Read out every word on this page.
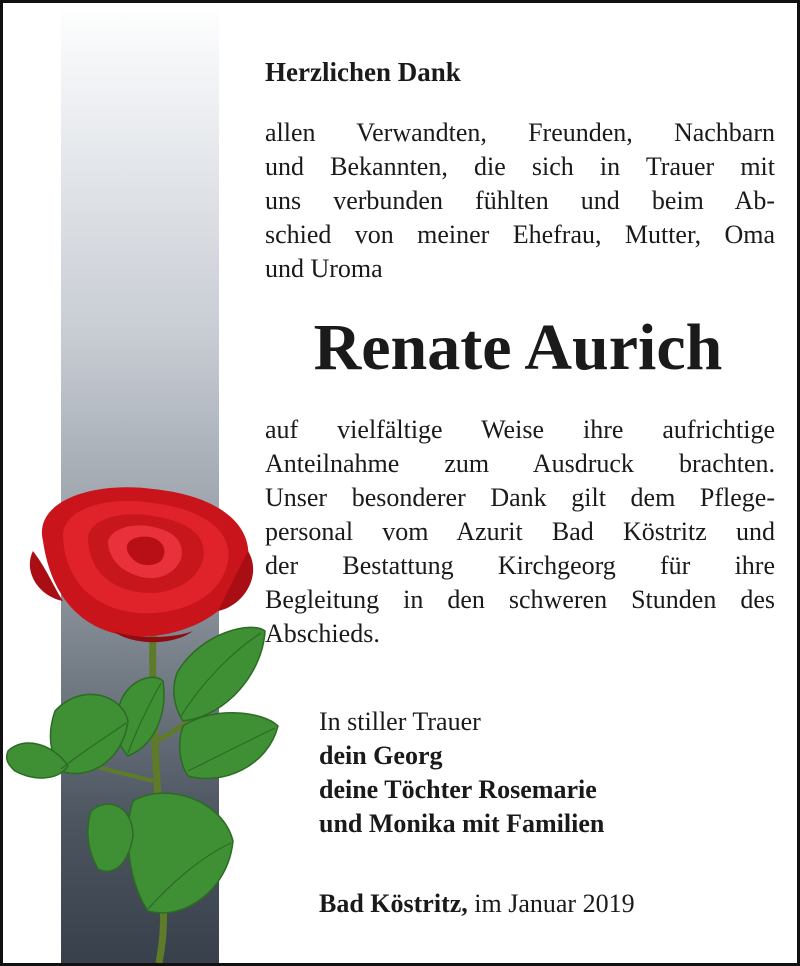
Herzlichen Dank
allen Verwandten, Freunden, Nachbarn
und Bekannten, die sich in Trauer mit
uns verbunden fühlten und beim Ab-
schied von meiner Ehefrau, Mutter, Oma
und Uroma
Renate Aurich
auf vielfältige Weise ihre aufrichtige
Anteilnahme zum Ausdruck brachten.
Unser besonderer Dank gilt dem Pflege-
personal vom Azurit Bad Köstritz und
der Bestattung Kirchgeorg für ihre
Begleitung in den schweren Stunden des
Abschieds.
In stiller Trauer
dein Georg
deine Töchter Rosemarie
und Monika mit Familien
Bad Köstritz, im Januar 2019
